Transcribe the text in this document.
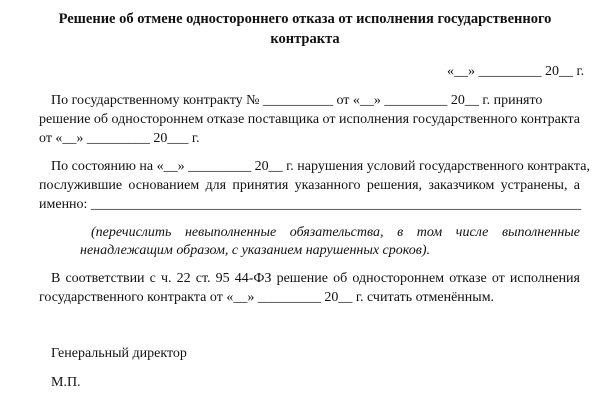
Решение об отмене одностороннего отказа от исполнения государственного
контракта
«__» _________ 20__ г.
По государственному контракту № __________ от «__» _________ 20__ г. принято
решение об одностороннем отказе поставщика от исполнения государственного контракта
от «__» _________ 20___ г.
По состоянию на «__» _________ 20__ г. нарушения условий государственного контракта,
послужившие основанием для принятия указанного решения, заказчиком устранены, а
именно: ______________________________________________________________________
(перечислить невыполненные обязательства, в том числе выполненные
ненадлежащим образом, с указанием нарушенных сроков).
В соответствии с ч. 22 ст. 95 44-ФЗ решение об одностороннем отказе от исполнения
государственного контракта от «__» _________ 20__ г. считать отменённым.
Генеральный директор
М.П.
